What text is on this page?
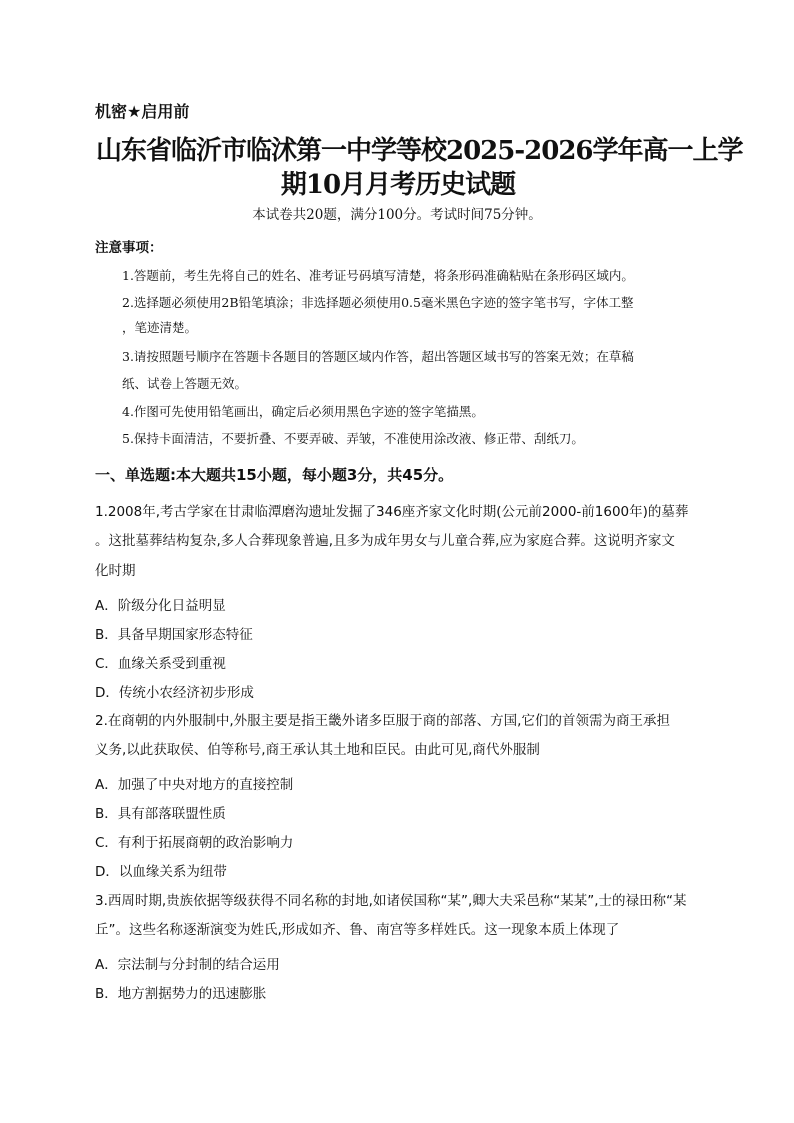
机密★启用前
山东省临沂市临沭第一中学等校2025-2026学年高一上学
期10月月考历史试题
本试卷共20题，满分100分。考试时间75分钟。
注意事项：
1.答题前，考生先将自己的姓名、准考证号码填写清楚，将条形码准确粘贴在条形码区域内。
2.选择题必须使用2B铅笔填涂；非选择题必须使用0.5毫米黑色字迹的签字笔书写，字体工整
，笔迹清楚。
3.请按照题号顺序在答题卡各题目的答题区域内作答，超出答题区域书写的答案无效；在草稿
纸、试卷上答题无效。
4.作图可先使用铅笔画出，确定后必须用黑色字迹的签字笔描黑。
5.保持卡面清洁，不要折叠、不要弄破、弄皱，不准使用涂改液、修正带、刮纸刀。
一、单选题:本大题共15小题，每小题3分，共45分。
1.2008年,考古学家在甘肃临潭磨沟遗址发掘了346座齐家文化时期(公元前2000-前1600年)的墓葬
。这批墓葬结构复杂,多人合葬现象普遍,且多为成年男女与儿童合葬,应为家庭合葬。这说明齐家文
化时期
A．阶级分化日益明显
B．具备早期国家形态特征
C．血缘关系受到重视
D．传统小农经济初步形成
2.在商朝的内外服制中,外服主要是指王畿外诸多臣服于商的部落、方国,它们的首领需为商王承担
义务,以此获取侯、伯等称号,商王承认其土地和臣民。由此可见,商代外服制
A．加强了中央对地方的直接控制
B．具有部落联盟性质
C．有利于拓展商朝的政治影响力
D．以血缘关系为纽带
3.西周时期,贵族依据等级获得不同名称的封地,如诸侯国称“某”,卿大夫采邑称“某某”,士的禄田称“某
丘”。这些名称逐渐演变为姓氏,形成如齐、鲁、南宫等多样姓氏。这一现象本质上体现了
A．宗法制与分封制的结合运用
B．地方割据势力的迅速膨胀
